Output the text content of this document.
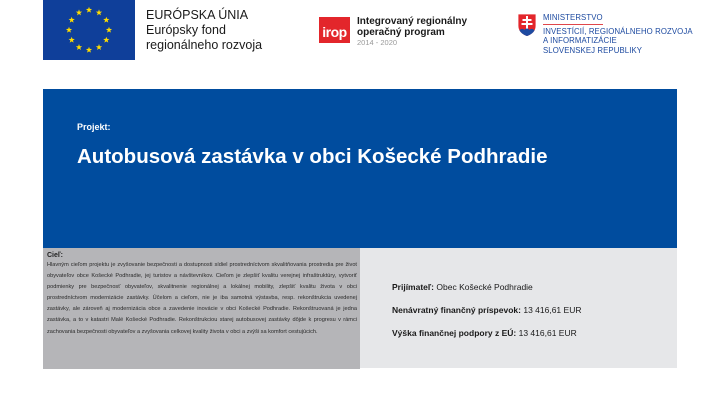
EURÓPSKA ÚNIA
Európsky fond
regionálneho rozvoja
irop
Integrovaný regionálny
operačný program
2014 - 2020
MINISTERSTVO
INVESTÍCIÍ, REGIONÁLNEHO ROZVOJA
A INFORMATIZÁCIE
SLOVENSKEJ REPUBLIKY
Projekt:
Autobusová zastávka v obci Košecké Podhradie
Cieľ:
Hlavným cieľom projektu je zvyšovanie bezpečnosti a dostupnosti sídiel prostredníctvom skvalitňovania prostredia pre život obyvateľov obce Košecké Podhradie, jej turistov a návštevníkov. Cieľom je zlepšiť kvalitu verejnej infraštruktúry, vytvoriť podmienky pre bezpečnosť obyvateľov, skvalitnenie regionálnej a lokálnej mobility, zlepšiť kvalitu života v obci prostredníctvom modernizácie zastávky. Účelom a cieľom, nie je iba samotná výstavba, resp. rekonštrukcia uvedenej zastávky, ale zároveň aj modernizácia obce a zavedenie inovácie v obci Košecké Podhradie. Rekonštruovaná je jedna zastávka, a to v katastri Malé Košecké Podhradie. Rekonštrukciou starej autobusovej zastávky dôjde k progresu v rámci zachovania bezpečnosti obyvateľov a zvyšovania celkovej kvality života v obci a zvýši sa komfort cestujúcich.
Prijímateľ: Obec Košecké Podhradie
Nenávratný finančný príspevok: 13 416,61 EUR
Výška finančnej podpory z EÚ: 13 416,61 EUR
